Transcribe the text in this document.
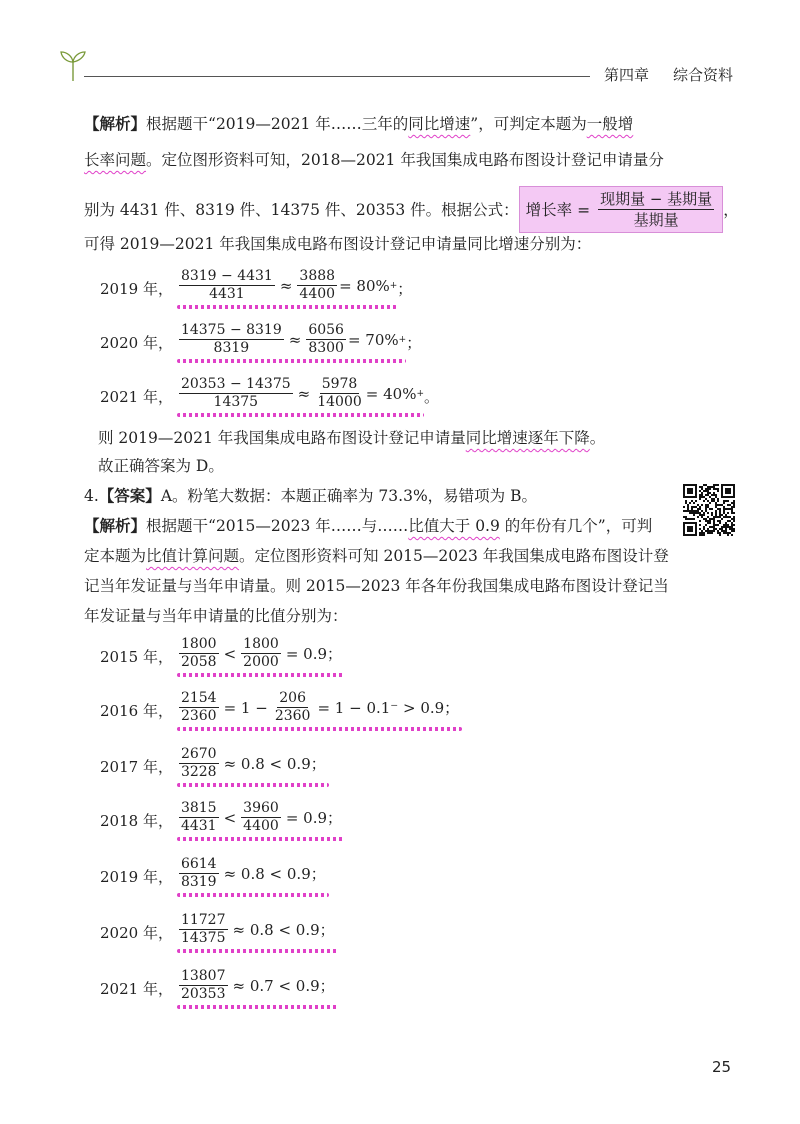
第四章 综合资料
【解析】根据题干“2019—2021 年……三年的同比增速”，可判定本题为一般增
长率问题。定位图形资料可知，2018—2021 年我国集成电路布图设计登记申请量分
别为 4431 件、8319 件、14375 件、20353 件。根据公式： 增长率 = $\frac{\text{现期量 − 基期量}}{\text{基期量}}$ ，
可得 2019—2021 年我国集成电路布图设计登记申请量同比增速分别为：
2019 年， $\frac{8319 - 4431}{4431} \approx \frac{3888}{4400} = 80\%$ + ；
2020 年， $\frac{14375 - 8319}{8319} \approx \frac{6056}{8300} = 70\%$ + ；
2021 年， $\frac{20353 - 14375}{14375} \approx \frac{5978}{14000} = 40\%$ + 。
则 2019—2021 年我国集成电路布图设计登记申请量同比增速逐年下降。
故正确答案为 D。
4.【答案】A。粉笔大数据：本题正确率为 73.3%，易错项为 B。
【解析】根据题干“2015—2023 年……与……比值大于 0.9 的年份有几个”，可判
定本题为比值计算问题。定位图形资料可知 2015—2023 年我国集成电路布图设计登
记当年发证量与当年申请量。则 2015—2023 年各年份我国集成电路布图设计登记当
年发证量与当年申请量的比值分别为：
2015 年， $\frac{1800}{2058} < \frac{1800}{2000} = 0.9$；
2016 年， $\frac{2154}{2360} = 1 - \frac{206}{2360} = 1 - 0.1^- > 0.9$；
2017 年， $\frac{2670}{3228} \approx 0.8 < 0.9$；
2018 年， $\frac{3815}{4431} < \frac{3960}{4400} = 0.9$；
2019 年， $\frac{6614}{8319} \approx 0.8 < 0.9$；
2020 年， $\frac{11727}{14375} \approx 0.8 < 0.9$；
2021 年， $\frac{13807}{20353} \approx 0.7 < 0.9$；
25
